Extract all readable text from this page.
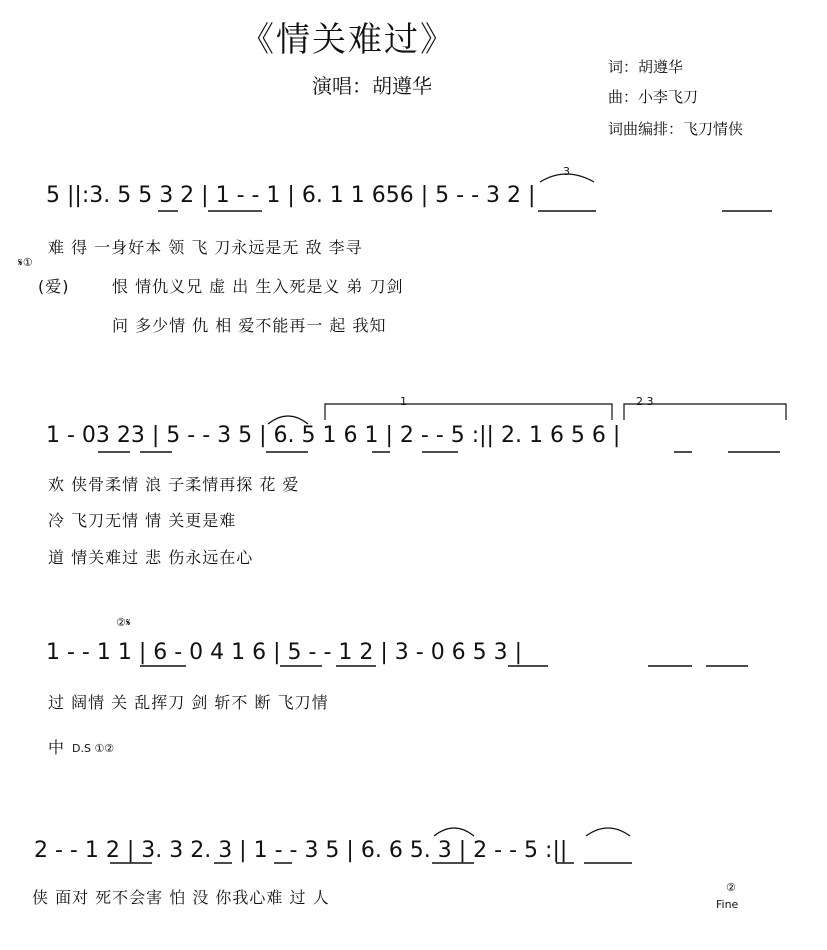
《情关难过》
演唱：胡遵华
词：胡遵华
曲：小李飞刀
词曲编排：飞刀情侠
5 ||:3. 5 5 3 2 | 1 - - 1 | 6. 1 1 656 | 5 - - 3 2 |
3
难 得 一身好本 领 飞 刀永远是无 敌 李寻
恨 情仇义兄 虚 出 生入死是义 弟 刀剑
问 多少情 仇 相 爱不能再一 起 我知
𝄋①
(爱)
1 - 03 23 | 5 - - 3 5 | 6. 5 1 6 1 | 2 - - 5 :|| 2. 1 6 5 6 |
1	2 3
欢 侠骨柔情 浪 子柔情再探 花 爱
冷 飞刀无情 情 关更是难
道 情关难过 悲 伤永远在心
②𝄋
1 - - 1 1 | 6 - 0 4 1 6 | 5 - - 1 2 | 3 - 0 6 5 3 |
过 阔情 关 乱挥刀 剑 斩不 断 飞刀情
中 D.S ①②
2 - - 1 2 | 3. 3 2. 3 | 1 - - 3 5 | 6. 6 5. 3 | 2 - - 5 :||
侠 面对 死不会害 怕 没 你我心难 过 人
②
Fine
